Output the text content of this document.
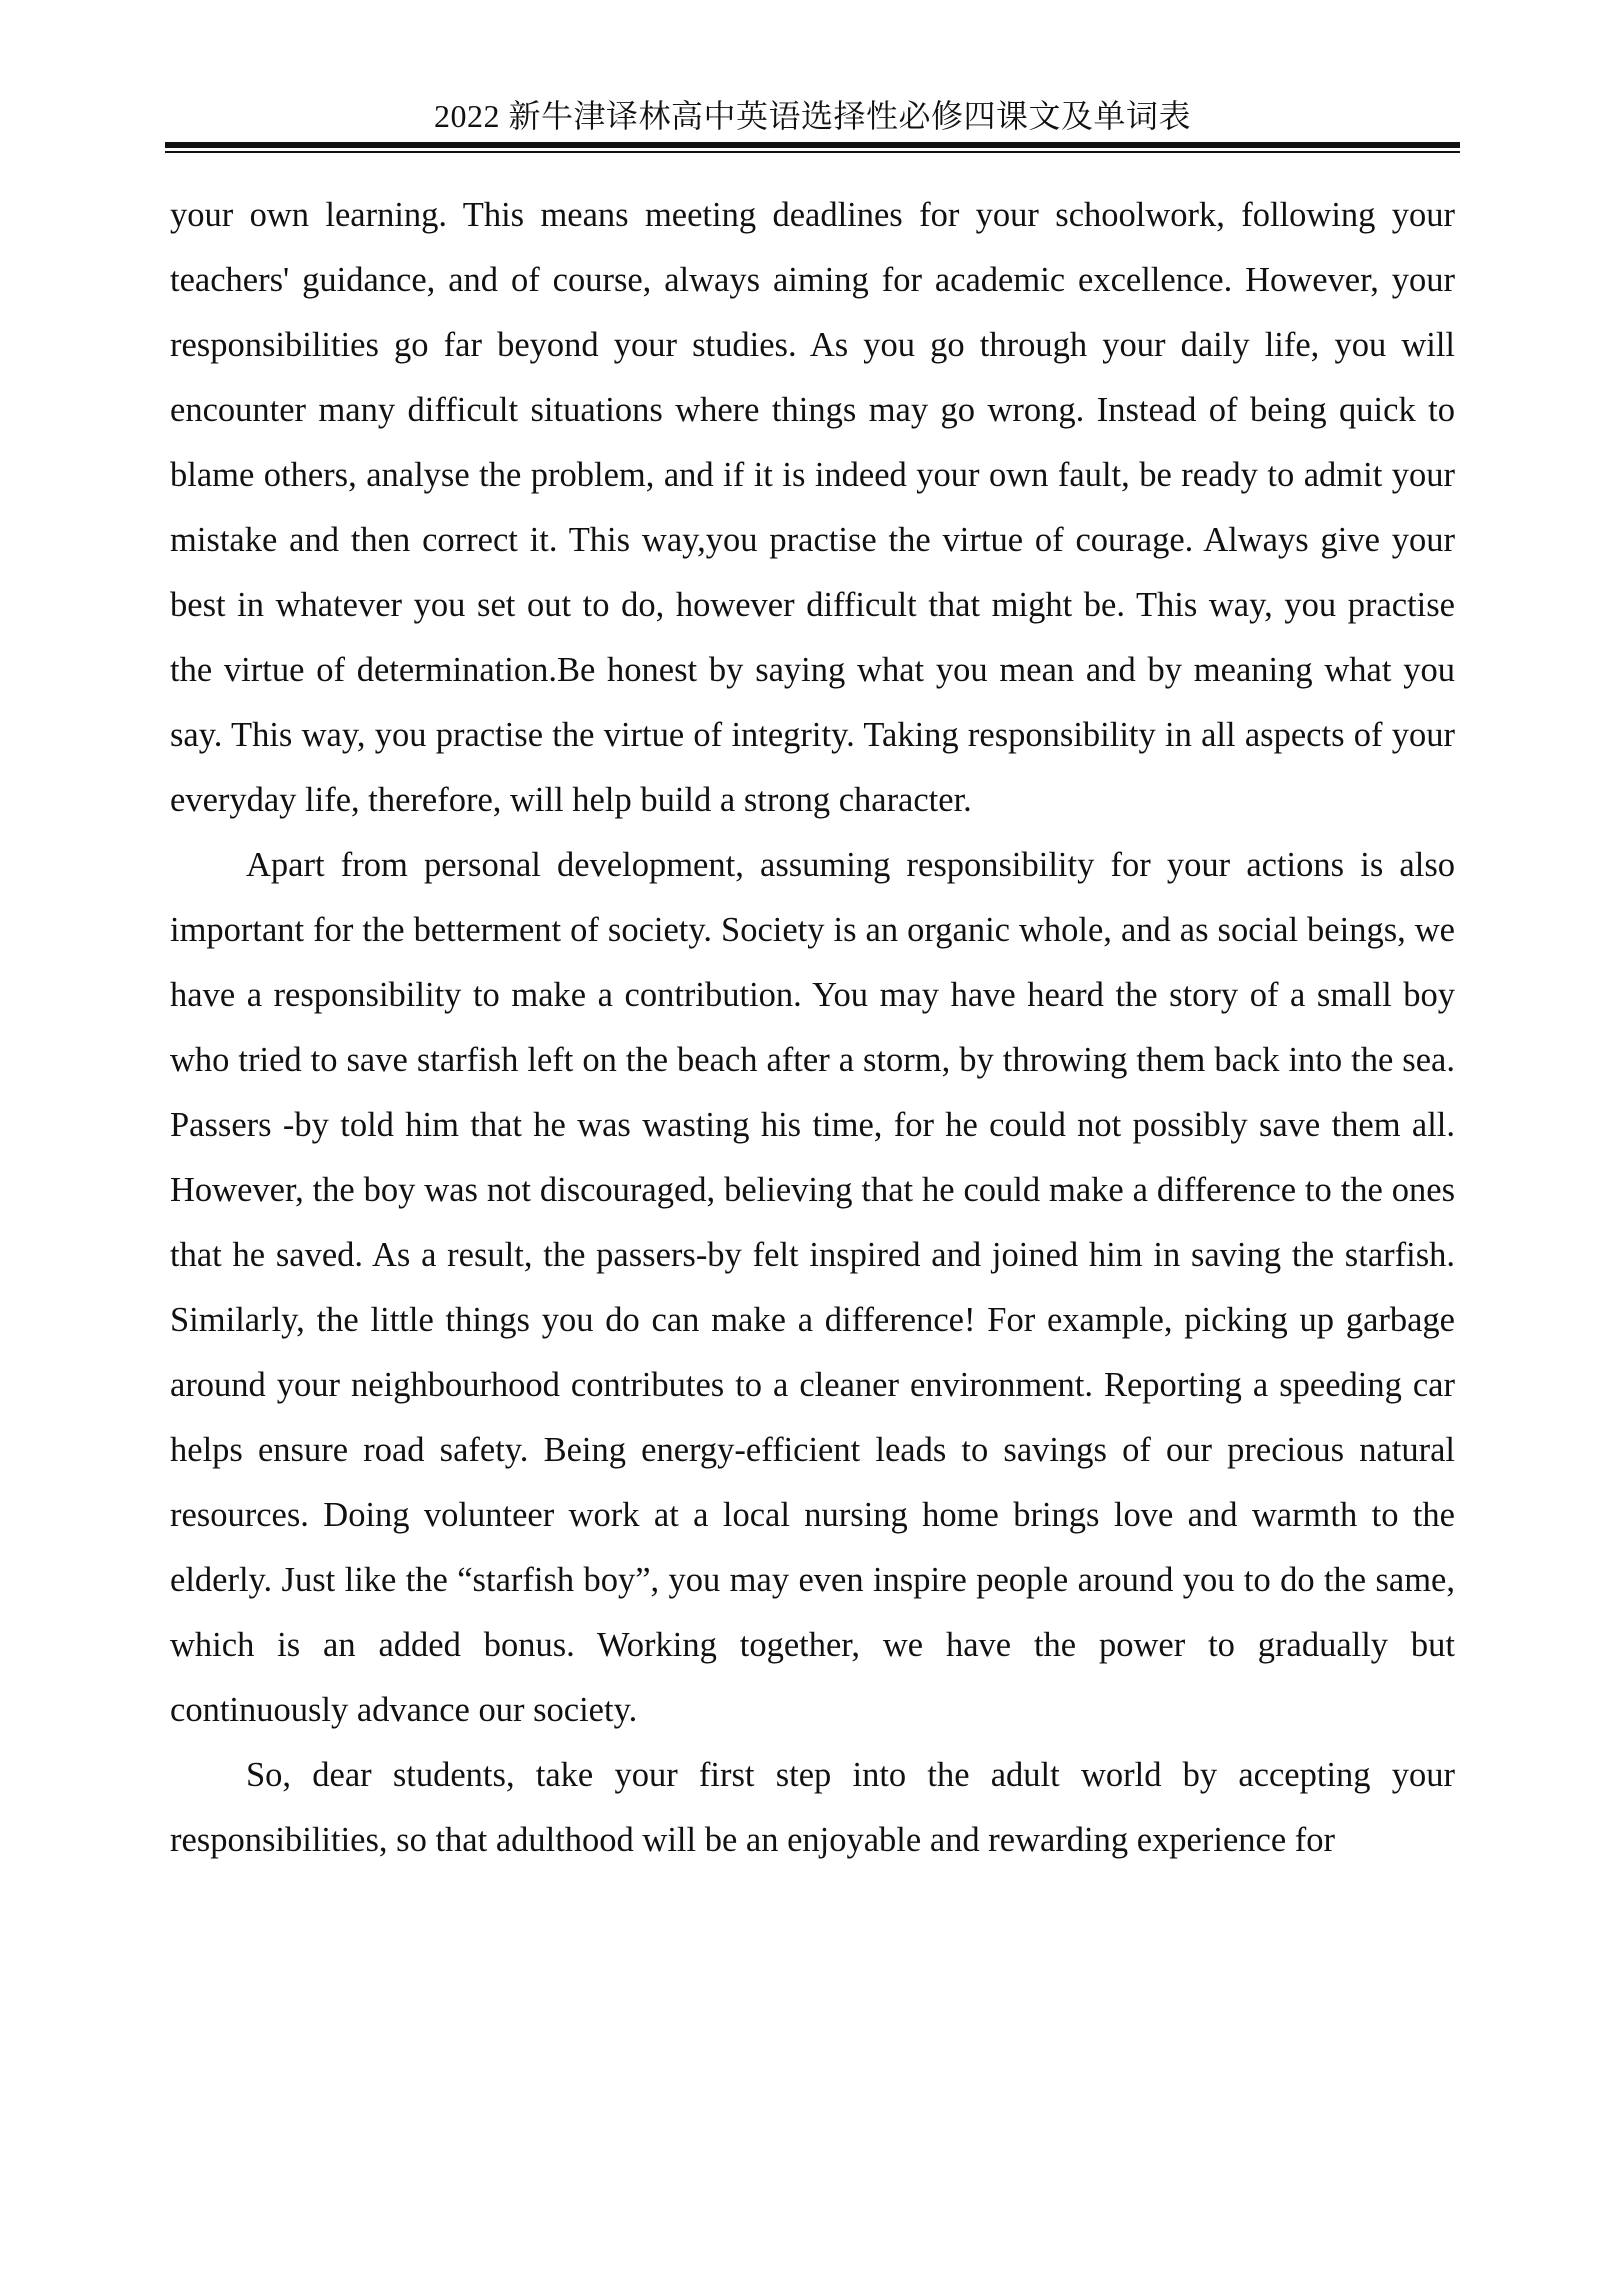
2022 新牛津译林高中英语选择性必修四课文及单词表

your own learning. This means meeting deadlines for your schoolwork, following your teachers' guidance, and of course, always aiming for academic excellence. However, your responsibilities go far beyond your studies. As you go through your daily life, you will encounter many difficult situations where things may go wrong. Instead of being quick to blame others, analyse the problem, and if it is indeed your own fault, be ready to admit your mistake and then correct it. This way,you practise the virtue of courage. Always give your best in whatever you set out to do, however difficult that might be. This way, you practise the virtue of determination.Be honest by saying what you mean and by meaning what you say. This way, you practise the virtue of integrity. Taking responsibility in all aspects of your everyday life, therefore, will help build a strong character.

Apart from personal development, assuming responsibility for your actions is also important for the betterment of society. Society is an organic whole, and as social beings, we have a responsibility to make a contribution. You may have heard the story of a small boy who tried to save starfish left on the beach after a storm, by throwing them back into the sea. Passers -by told him that he was wasting his time, for he could not possibly save them all. However, the boy was not discouraged, believing that he could make a difference to the ones that he saved. As a result, the passers-by felt inspired and joined him in saving the starfish. Similarly, the little things you do can make a difference! For example, picking up garbage around your neighbourhood contributes to a cleaner environment. Reporting a speeding car helps ensure road safety. Being energy-efficient leads to savings of our precious natural resources. Doing volunteer work at a local nursing home brings love and warmth to the elderly. Just like the “starfish boy”, you may even inspire people around you to do the same, which is an added bonus. Working together, we have the power to gradually but continuously advance our society.

So, dear students, take your first step into the adult world by accepting your responsibilities, so that adulthood will be an enjoyable and rewarding experience for
